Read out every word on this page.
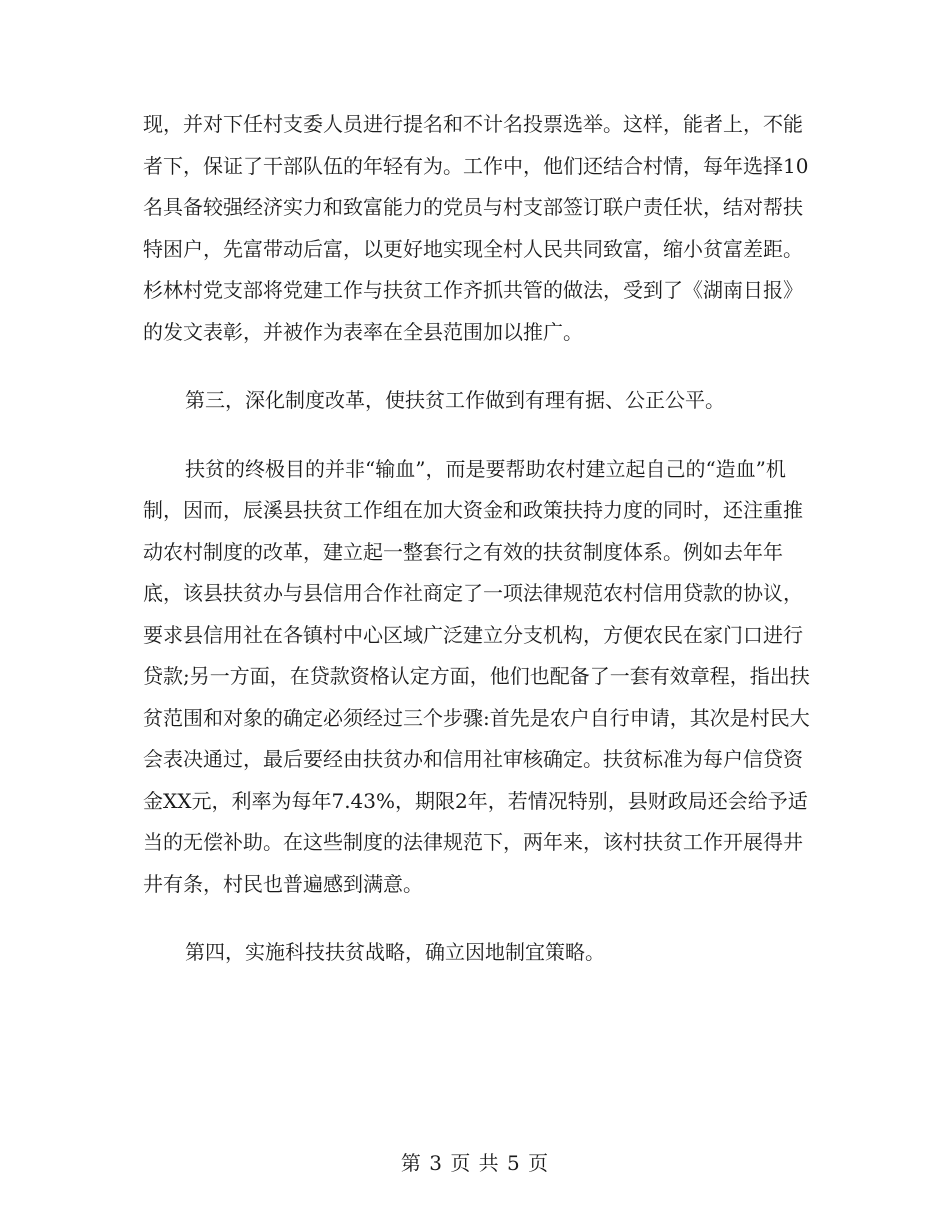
现，并对下任村支委人员进行提名和不计名投票选举。这样，能者上，不能者下，保证了干部队伍的年轻有为。工作中，他们还结合村情，每年选择10名具备较强经济实力和致富能力的党员与村支部签订联户责任状，结对帮扶特困户，先富带动后富，以更好地实现全村人民共同致富，缩小贫富差距。杉林村党支部将党建工作与扶贫工作齐抓共管的做法，受到了《湖南日报》的发文表彰，并被作为表率在全县范围加以推广。

第三，深化制度改革，使扶贫工作做到有理有据、公正公平。

扶贫的终极目的并非“输血”，而是要帮助农村建立起自己的“造血”机制，因而，辰溪县扶贫工作组在加大资金和政策扶持力度的同时，还注重推动农村制度的改革，建立起一整套行之有效的扶贫制度体系。例如去年年底，该县扶贫办与县信用合作社商定了一项法律规范农村信用贷款的协议，要求县信用社在各镇村中心区域广泛建立分支机构，方便农民在家门口进行贷款;另一方面，在贷款资格认定方面，他们也配备了一套有效章程，指出扶贫范围和对象的确定必须经过三个步骤:首先是农户自行申请，其次是村民大会表决通过，最后要经由扶贫办和信用社审核确定。扶贫标准为每户信贷资金XX元，利率为每年7.43%，期限2年，若情况特别，县财政局还会给予适当的无偿补助。在这些制度的法律规范下，两年来，该村扶贫工作开展得井井有条，村民也普遍感到满意。

第四，实施科技扶贫战略，确立因地制宜策略。

第 3 页 共 5 页
